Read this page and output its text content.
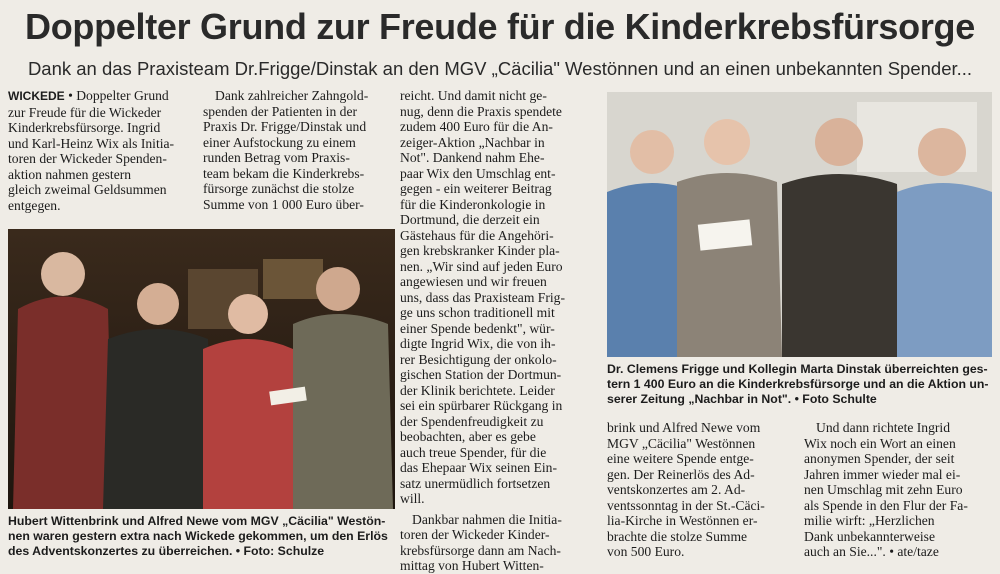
Doppelter Grund zur Freude für die Kinderkrebsfürsorge
Dank an das Praxisteam Dr.Frigge/Dinstak an den MGV „Cäcilia" Westönnen und an einen unbekannten Spender...
WICKEDE • Doppelter Grund
zur Freude für die Wickeder
Kinderkrebsfürsorge. Ingrid
und Karl-Heinz Wix als Initia-
toren der Wickeder Spenden-
aktion nahmen gestern
gleich zweimal Geldsummen
entgegen.
Dank zahlreicher Zahngold-
spenden der Patienten in der
Praxis Dr. Frigge/Dinstak und
einer Aufstockung zu einem
runden Betrag vom Praxis-
team bekam die Kinderkrebs-
fürsorge zunächst die stolze
Summe von 1 000 Euro über-
reicht. Und damit nicht ge-
nug, denn die Praxis spendete
zudem 400 Euro für die An-
zeiger-Aktion „Nachbar in
Not". Dankend nahm Ehe-
paar Wix den Umschlag ent-
gegen - ein weiterer Beitrag
für die Kinderonkologie in
Dortmund, die derzeit ein
Gästehaus für die Angehöri-
gen krebskranker Kinder pla-
nen. „Wir sind auf jeden Euro
angewiesen und wir freuen
uns, dass das Praxisteam Frig-
ge uns schon traditionell mit
einer Spende bedenkt", wür-
digte Ingrid Wix, die von ih-
rer Besichtigung der onkolo-
gischen Station der Dortmun-
der Klinik berichtete. Leider
sei ein spürbarer Rückgang in
der Spendenfreudigkeit zu
beobachten, aber es gebe
auch treue Spender, für die
das Ehepaar Wix seinen Ein-
satz unermüdlich fortsetzen
will.
Dankbar nahmen die Initia-
toren der Wickeder Kinder-
krebsfürsorge dann am Nach-
mittag von Hubert Witten-
brink und Alfred Newe vom
MGV „Cäcilia" Westönnen
eine weitere Spende entge-
gen. Der Reinerlös des Ad-
ventskonzertes am 2. Ad-
ventssonntag in der St.-Cäci-
lia-Kirche in Westönnen er-
brachte die stolze Summe
von 500 Euro.
Und dann richtete Ingrid
Wix noch ein Wort an einen
anonymen Spender, der seit
Jahren immer wieder mal ei-
nen Umschlag mit zehn Euro
als Spende in den Flur der Fa-
milie wirft: „Herzlichen
Dank unbekannterweise
auch an Sie...". • ate/taze
Hubert Wittenbrink und Alfred Newe vom MGV „Cäcilia" Westön-
nen waren gestern extra nach Wickede gekommen, um den Erlös
des Adventskonzertes zu überreichen. • Foto: Schulze
Dr. Clemens Frigge und Kollegin Marta Dinstak überreichten ges-
tern 1 400 Euro an die Kinderkrebsfürsorge und an die Aktion un-
serer Zeitung „Nachbar in Not". • Foto Schulte
